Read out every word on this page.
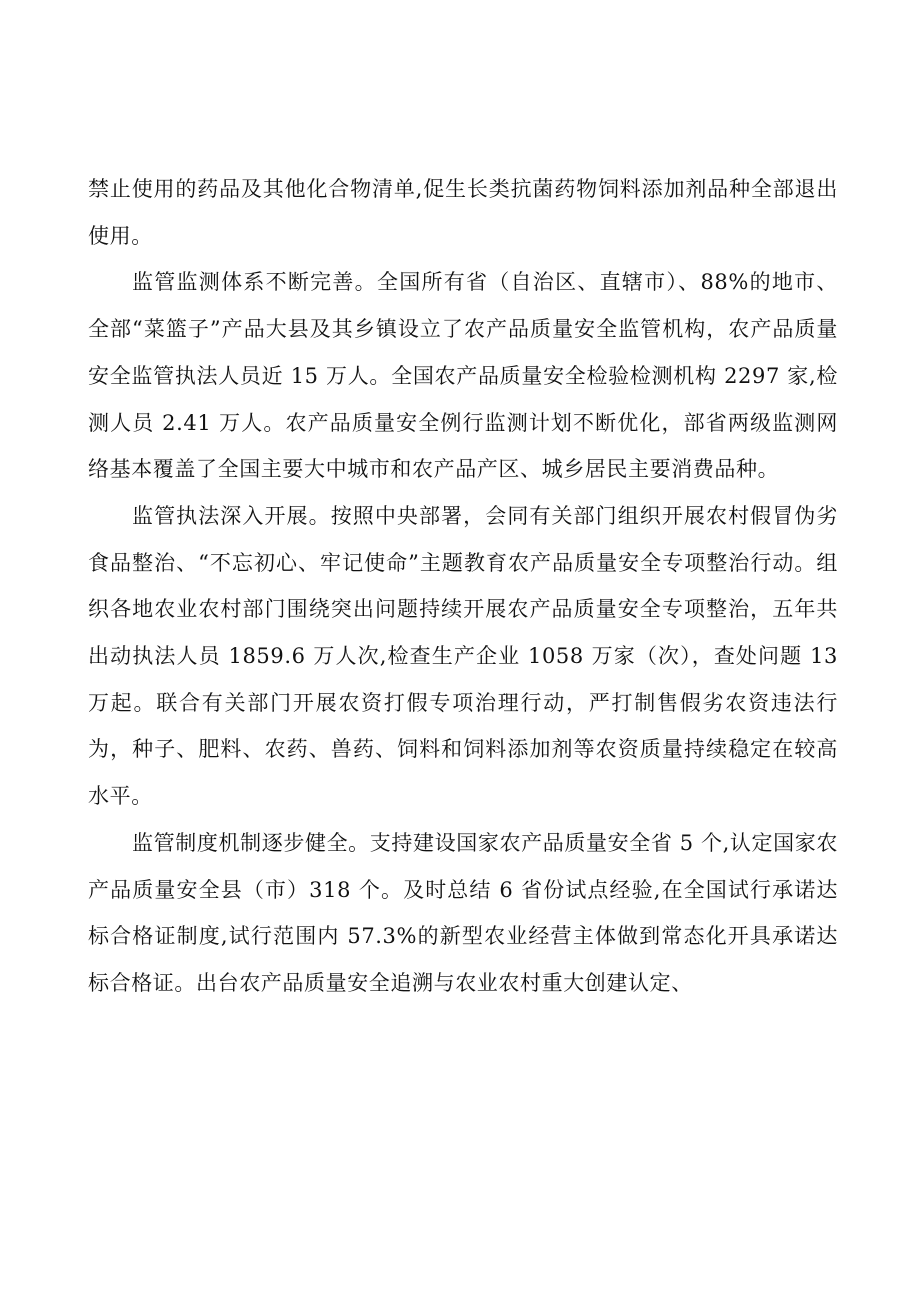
禁止使用的药品及其他化合物清单,促生长类抗菌药物饲料添加剂品种全部退出使用。

监管监测体系不断完善。全国所有省（自治区、直辖市）、88%的地市、全部“菜篮子”产品大县及其乡镇设立了农产品质量安全监管机构，农产品质量安全监管执法人员近 15 万人。全国农产品质量安全检验检测机构 2297 家,检测人员 2.41 万人。农产品质量安全例行监测计划不断优化，部省两级监测网络基本覆盖了全国主要大中城市和农产品产区、城乡居民主要消费品种。

监管执法深入开展。按照中央部署，会同有关部门组织开展农村假冒伪劣食品整治、“不忘初心、牢记使命”主题教育农产品质量安全专项整治行动。组织各地农业农村部门围绕突出问题持续开展农产品质量安全专项整治，五年共出动执法人员 1859.6 万人次,检查生产企业 1058 万家（次），查处问题 13 万起。联合有关部门开展农资打假专项治理行动，严打制售假劣农资违法行为，种子、肥料、农药、兽药、饲料和饲料添加剂等农资质量持续稳定在较高水平。

监管制度机制逐步健全。支持建设国家农产品质量安全省 5 个,认定国家农产品质量安全县（市）318 个。及时总结 6 省份试点经验,在全国试行承诺达标合格证制度,试行范围内 57.3%的新型农业经营主体做到常态化开具承诺达标合格证。出台农产品质量安全追溯与农业农村重大创建认定、
